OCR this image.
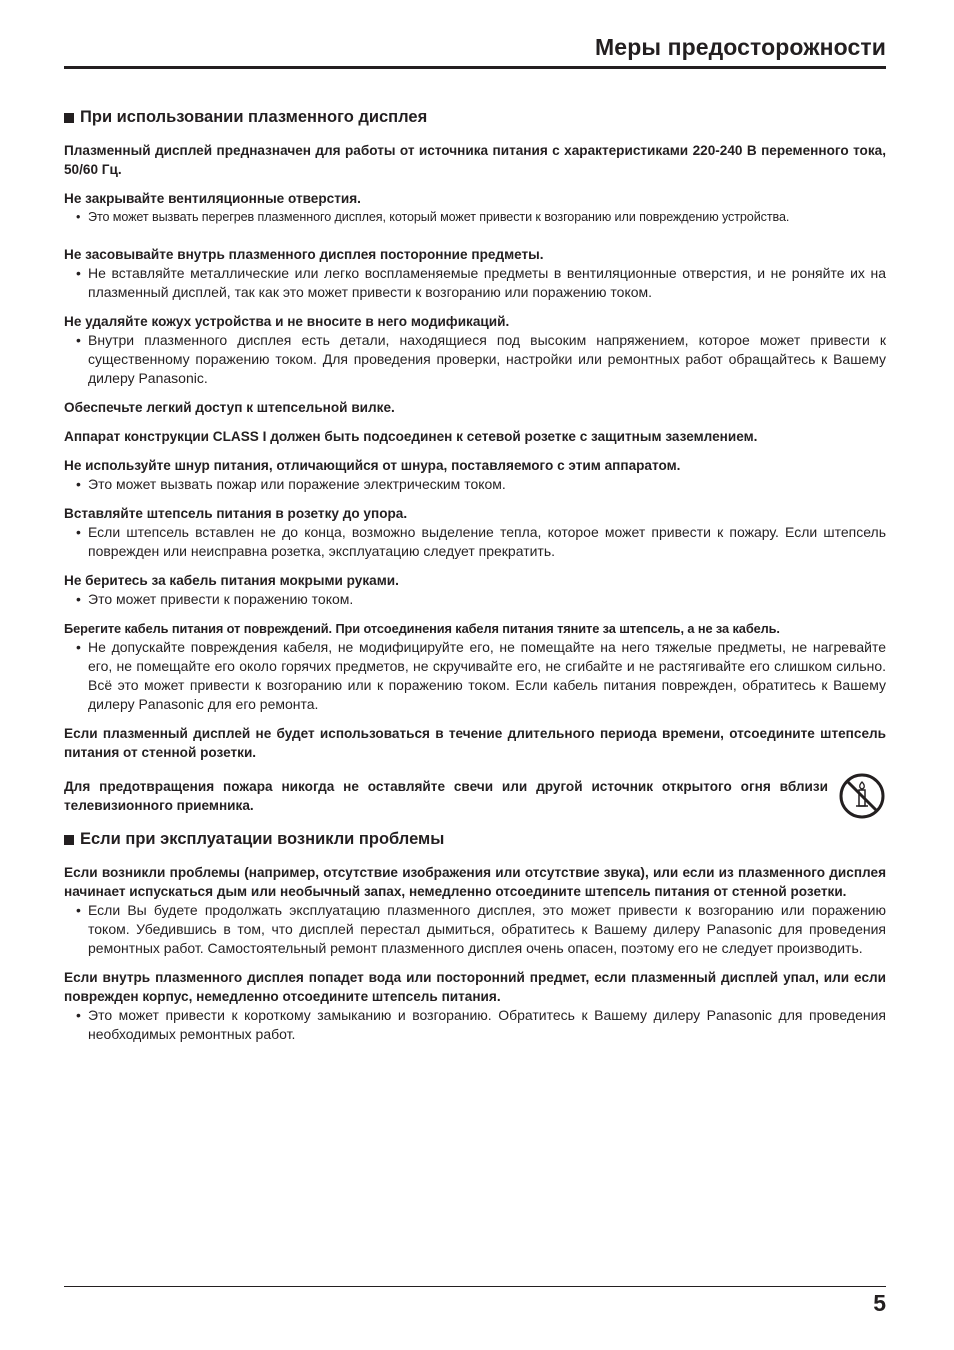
Меры предосторожности
При использовании плазменного дисплея
Плазменный дисплей предназначен для работы от источника питания с характеристиками 220-240 В переменного тока, 50/60 Гц.
Не закрывайте вентиляционные отверстия.
• Это может вызвать перегрев плазменного дисплея, который может привести к возгоранию или повреждению устройства.
Не засовывайте внутрь плазменного дисплея посторонние предметы.
• Не вставляйте металлические или легко воспламеняемые предметы в вентиляционные отверстия, и не роняйте их на плазменный дисплей, так как это может привести к возгоранию или поражению током.
Не удаляйте кожух устройства и не вносите в него модификаций.
• Внутри плазменного дисплея есть детали, находящиеся под высоким напряжением, которое может привести к существенному поражению током. Для проведения проверки, настройки или ремонтных работ обращайтесь к Вашему дилеру Panasonic.
Обеспечьте легкий доступ к штепсельной вилке.
Аппарат конструкции CLASS I должен быть подсоединен к сетевой розетке с защитным заземлением.
Не используйте шнур питания, отличающийся от шнура, поставляемого с этим аппаратом.
• Это может вызвать пожар или поражение электрическим током.
Вставляйте штепсель питания в розетку до упора.
• Если штепсель вставлен не до конца, возможно выделение тепла, которое может привести к пожару. Если штепсель поврежден или неисправна розетка, эксплуатацию следует прекратить.
Не беритесь за кабель питания мокрыми руками.
• Это может привести к поражению током.
Берегите кабель питания от повреждений. При отсоединения кабеля питания тяните за штепсель, а не за кабель.
• Не допускайте повреждения кабеля, не модифицируйте его, не помещайте на него тяжелые предметы, не нагревайте его, не помещайте его около горячих предметов, не скручивайте его, не сгибайте и не растягивайте его слишком сильно. Всё это может привести к возгоранию или к поражению током. Если кабель питания поврежден, обратитесь к Вашему дилеру Panasonic для его ремонта.
Если плазменный дисплей не будет использоваться в течение длительного периода времени, отсоедините штепсель питания от стенной розетки.
Для предотвращения пожара никогда не оставляйте свечи или другой источник открытого огня вблизи телевизионного приемника.
Если при эксплуатации возникли проблемы
Если возникли проблемы (например, отсутствие изображения или отсутствие звука), или если из плазменного дисплея начинает испускаться дым или необычный запах, немедленно отсоедините штепсель питания от стенной розетки.
• Если Вы будете продолжать эксплуатацию плазменного дисплея, это может привести к возгоранию или поражению током. Убедившись в том, что дисплей перестал дымиться, обратитесь к Вашему дилеру Panasonic для проведения ремонтных работ. Самостоятельный ремонт плазменного дисплея очень опасен, поэтому его не следует производить.
Если внутрь плазменного дисплея попадет вода или посторонний предмет, если плазменный дисплей упал, или если поврежден корпус, немедленно отсоедините штепсель питания.
• Это может привести к короткому замыканию и возгоранию. Обратитесь к Вашему дилеру Panasonic для проведения необходимых ремонтных работ.
5
